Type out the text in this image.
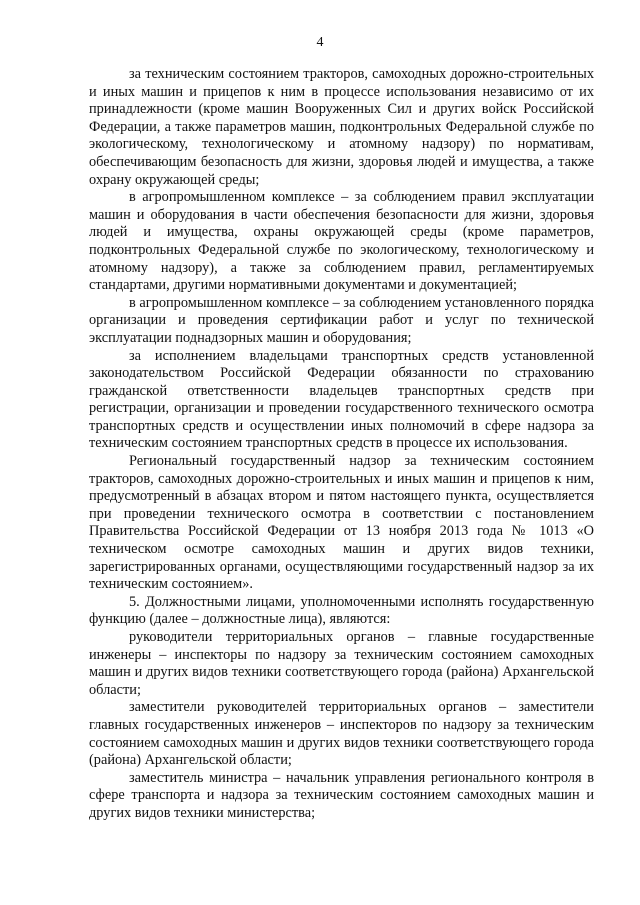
4

за техническим состоянием тракторов, самоходных дорожно-строительных и иных машин и прицепов к ним в процессе использования независимо от их принадлежности (кроме машин Вооруженных Сил и других войск Российской Федерации, а также параметров машин, подконтрольных Федеральной службе по экологическому, технологическому и атомному надзору) по нормативам, обеспечивающим безопасность для жизни, здоровья людей и имущества, а также охрану окружающей среды;

в агропромышленном комплексе – за соблюдением правил эксплуатации машин и оборудования в части обеспечения безопасности для жизни, здоровья людей и имущества, охраны окружающей среды (кроме параметров, подконтрольных Федеральной службе по экологическому, технологическому и атомному надзору), а также за соблюдением правил, регламентируемых стандартами, другими нормативными документами и документацией;

в агропромышленном комплексе – за соблюдением установленного порядка организации и проведения сертификации работ и услуг по технической эксплуатации поднадзорных машин и оборудования;

за исполнением владельцами транспортных средств установленной законодательством Российской Федерации обязанности по страхованию гражданской ответственности владельцев транспортных средств при регистрации, организации и проведении государственного технического осмотра транспортных средств и осуществлении иных полномочий в сфере надзора за техническим состоянием транспортных средств в процессе их использования.

Региональный государственный надзор за техническим состоянием тракторов, самоходных дорожно-строительных и иных машин и прицепов к ним, предусмотренный в абзацах втором и пятом настоящего пункта, осуществляется при проведении технического осмотра в соответствии с постановлением Правительства Российской Федерации от 13 ноября 2013 года № 1013 «О техническом осмотре самоходных машин и других видов техники, зарегистрированных органами, осуществляющими государственный надзор за их техническим состоянием».

5. Должностными лицами, уполномоченными исполнять государственную функцию (далее – должностные лица), являются:

руководители территориальных органов – главные государственные инженеры – инспекторы по надзору за техническим состоянием самоходных машин и других видов техники соответствующего города (района) Архангельской области;

заместители руководителей территориальных органов – заместители главных государственных инженеров – инспекторов по надзору за техническим состоянием самоходных машин и других видов техники соответствующего города (района) Архангельской области;

заместитель министра – начальник управления регионального контроля в сфере транспорта и надзора за техническим состоянием самоходных машин и других видов техники министерства;
